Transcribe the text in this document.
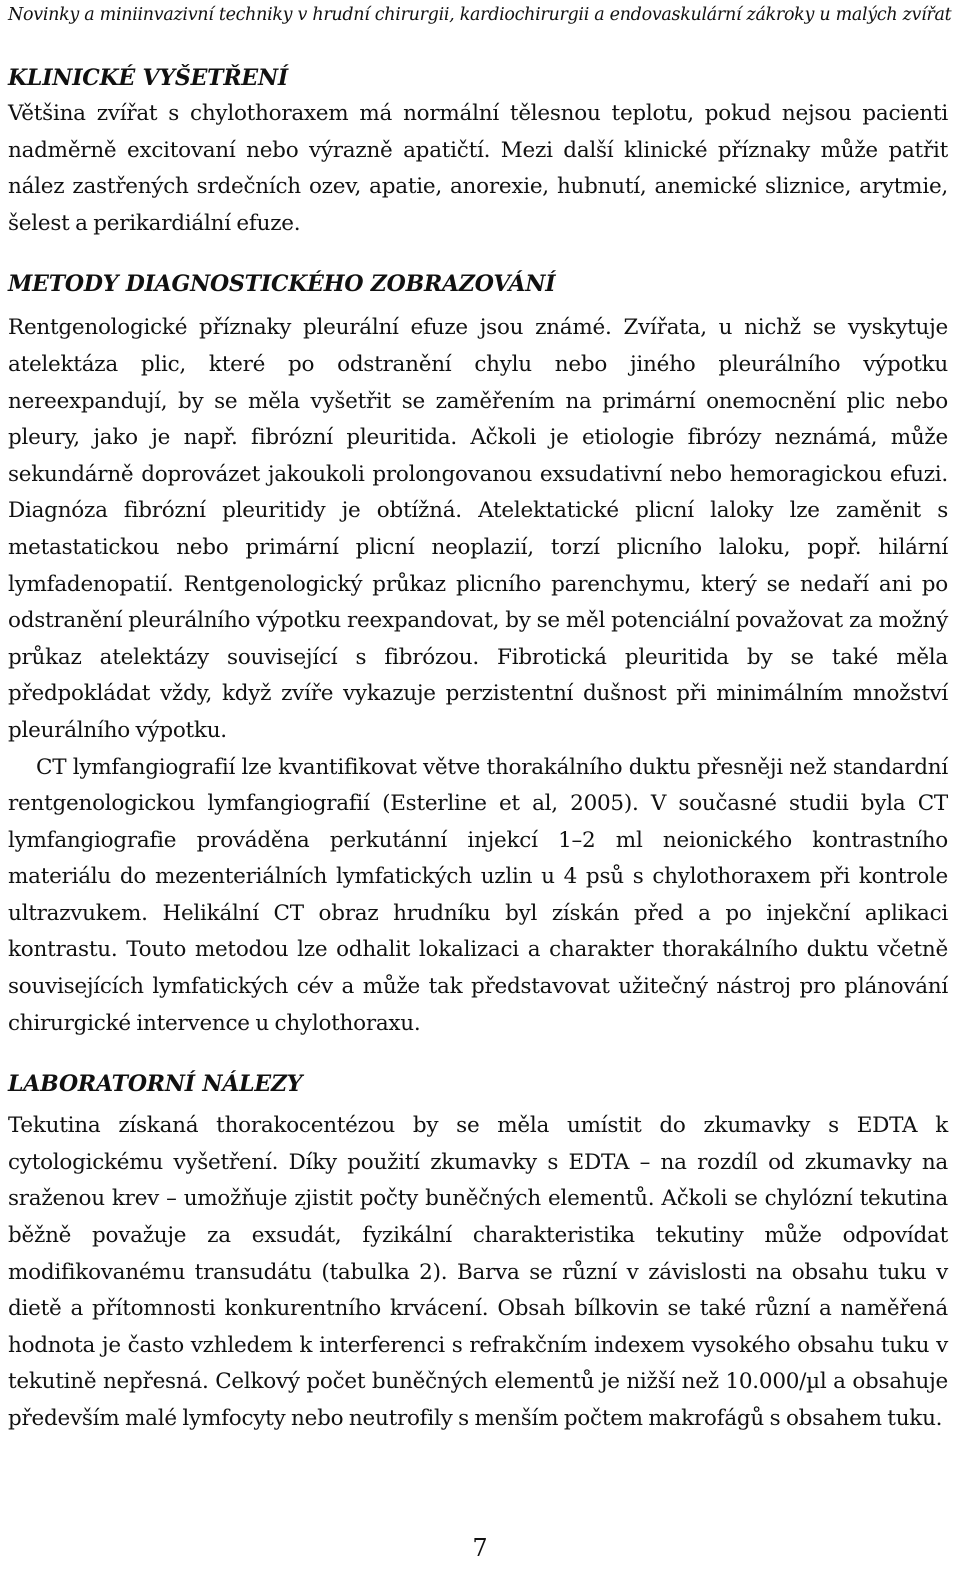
Novinky a miniinvazivní techniky v hrudní chirurgii, kardiochirurgii a endovaskulární zákroky u malých zvířat
KLINICKÉ VYŠETŘENÍ

Většina zvířat s chylothoraxem má normální tělesnou teplotu, pokud nejsou pacienti nadměrně excitovaní nebo výrazně apatičtí. Mezi další klinické příznaky může patřit nález zastřených srdečních ozev, apatie, anorexie, hubnutí, anemické sliznice, arytmie, šelest a perikardiální efuze.

METODY DIAGNOSTICKÉHO ZOBRAZOVÁNÍ

Rentgenologické příznaky pleurální efuze jsou známé. Zvířata, u nichž se vyskytuje atelektáza plic, které po odstranění chylu nebo jiného pleurálního výpotku nereexpandují, by se měla vyšetřit se zaměřením na primární onemocnění plic nebo pleury, jako je např. fibrózní pleuritida. Ačkoli je etiologie fibrózy neznámá, může sekundárně doprovázet jakoukoli prolongovanou exsudativní nebo hemoragickou efuzi. Diagnóza fibrózní pleuritidy je obtížná. Atelektatické plicní laloky lze zaměnit s metastatickou nebo primární plicní neoplazií, torzí plicního laloku, popř. hilární lymfadenopatií. Rentgenologický průkaz plicního parenchymu, který se nedaří ani po odstranění pleurálního výpotku reexpandovat, by se měl potenciální považovat za možný průkaz atelektázy související s fibrózou. Fibrotická pleuritida by se také měla předpokládat vždy, když zvíře vykazuje perzistentní dušnost při minimálním množství pleurálního výpotku.

CT lymfangiografií lze kvantifikovat větve thorakálního duktu přesněji než standardní rentgenologickou lymfangiografií (Esterline et al, 2005). V současné studii byla CT lymfangiografie prováděna perkutánní injekcí 1–2 ml neionického kontrastního materiálu do mezenteriálních lymfatických uzlin u 4 psů s chylothoraxem při kontrole ultrazvukem. Helikální CT obraz hrudníku byl získán před a po injekční aplikaci kontrastu. Touto metodou lze odhalit lokalizaci a charakter thorakálního duktu včetně souvisejících lymfatických cév a může tak představovat užitečný nástroj pro plánování chirurgické intervence u chylothoraxu.

LABORATORNÍ NÁLEZY

Tekutina získaná thorakocentézou by se měla umístit do zkumavky s EDTA k cytologickému vyšetření. Díky použití zkumavky s EDTA – na rozdíl od zkumavky na sraženou krev – umožňuje zjistit počty buněčných elementů. Ačkoli se chylózní tekutina běžně považuje za exsudát, fyzikální charakteristika tekutiny může odpovídat modifikovanému transudátu (tabulka 2). Barva se různí v závislosti na obsahu tuku v dietě a přítomnosti konkurentního krvácení. Obsah bílkovin se také různí a naměřená hodnota je často vzhledem k interferenci s refrakčním indexem vysokého obsahu tuku v tekutině nepřesná. Celkový počet buněčných elementů je nižší než 10.000/µl a obsahuje především malé lymfocyty nebo neutrofily s menším počtem makrofágů s obsahem tuku.

7
